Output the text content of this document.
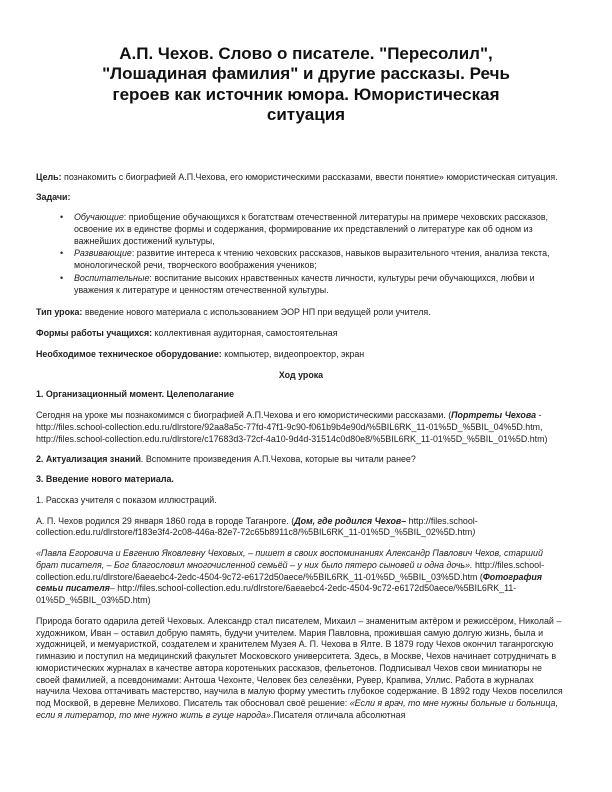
А.П. Чехов. Слово о писателе. "Пересолил",
"Лошадиная фамилия" и другие рассказы. Речь
героев как источник юмора. Юмористическая
ситуация
Цель: познакомить с биографией А.П.Чехова, его юмористическими рассказами, ввести понятие» юмористическая ситуация.
Задачи:
• Обучающие: приобщение обучающихся к богатствам отечественной литературы на примере чеховских рассказов, освоение их в единстве формы и содержания, формирование их представлений о литературе как об одном из важнейших достижений культуры,
• Развивающие: развитие интереса к чтению чеховских рассказов, навыков выразительного чтения, анализа текста, монологической речи, творческого воображения учеников;
• Воспитательные: воспитание высоких нравственных качеств личности, культуры речи обучающихся, любви и уважения к литературе и ценностям отечественной культуры.
Тип урока: введение нового материала с использованием ЭОР НП при ведущей роли учителя.
Формы работы учащихся: коллективная аудиторная, самостоятельная
Необходимое техническое оборудование: компьютер, видеопроектор, экран
Ход урока
1. Организационный момент. Целеполагание
Сегодня на уроке мы познакомимся с биографией А.П.Чехова и его юмористическими рассказами. (Портреты Чехова -http://files.school-collection.edu.ru/dlrstore/92aa8a5c-77fd-47f1-9c90-f061b9b4e90d/%5BIL6RK_11-01%5D_%5BIL_04%5D.htm, http://files.school-collection.edu.ru/dlrstore/c17683d3-72cf-4a10-9d4d-31514c0d80e8/%5BIL6RK_11-01%5D_%5BIL_01%5D.htm)
2. Актуализация знаний. Вспомните произведения А.П.Чехова, которые вы читали ранее?
3. Введение нового материала.
1. Рассказ учителя с показом иллюстраций.
А. П. Чехов родился 29 января 1860 года в городе Таганроге. (Дом, где родился Чехов– http://files.school-collection.edu.ru/dlrstore/f183e3f4-2c08-446a-82e7-72c65b8911c8/%5BIL6RK_11-01%5D_%5BIL_02%5D.htm)
«Павла Егоровича и Евгению Яковлевну Чеховых, – пишет в своих воспоминаниях Александр Павлович Чехов, старший брат писателя, – Бог благословил многочисленной семьёй – у них было пятеро сыновей и одна дочь». http://files.school-collection.edu.ru/dlrstore/6aeaebc4-2edc-4504-9c72-e6172d50aece/%5BIL6RK_11-01%5D_%5BIL_03%5D.htm (Фотография семьи писателя– http://files.school-collection.edu.ru/dlrstore/6aeaebc4-2edc-4504-9c72-e6172d50aece/%5BIL6RK_11-01%5D_%5BIL_03%5D.htm)
Природа богато одарила детей Чеховых. Александр стал писателем, Михаил – знаменитым актёром и режиссёром, Николай – художником, Иван – оставил добрую память, будучи учителем. Мария Павловна, прожившая самую долгую жизнь, была и художницей, и мемуаристкой, создателем и хранителем Музея А. П. Чехова в Ялте. В 1879 году Чехов окончил таганрогскую гимназию и поступил на медицинский факультет Московского университета. Здесь, в Москве, Чехов начинает сотрудничать в юмористических журналах в качестве автора коротеньких рассказов, фельетонов. Подписывал Чехов свои миниатюры не своей фамилией, а псевдонимами: Антоша Чехонте, Человек без селезёнки, Рувер, Крапива, Уллис. Работа в журналах научила Чехова оттачивать мастерство, научила в малую форму уместить глубокое содержание. В 1892 году Чехов поселился под Москвой, в деревне Мелихово. Писатель так обосновал своё решение: «Если я врач, то мне нужны больные и больница, если я литератор, то мне нужно жить в гуще народа».Писателя отличала абсолютная
